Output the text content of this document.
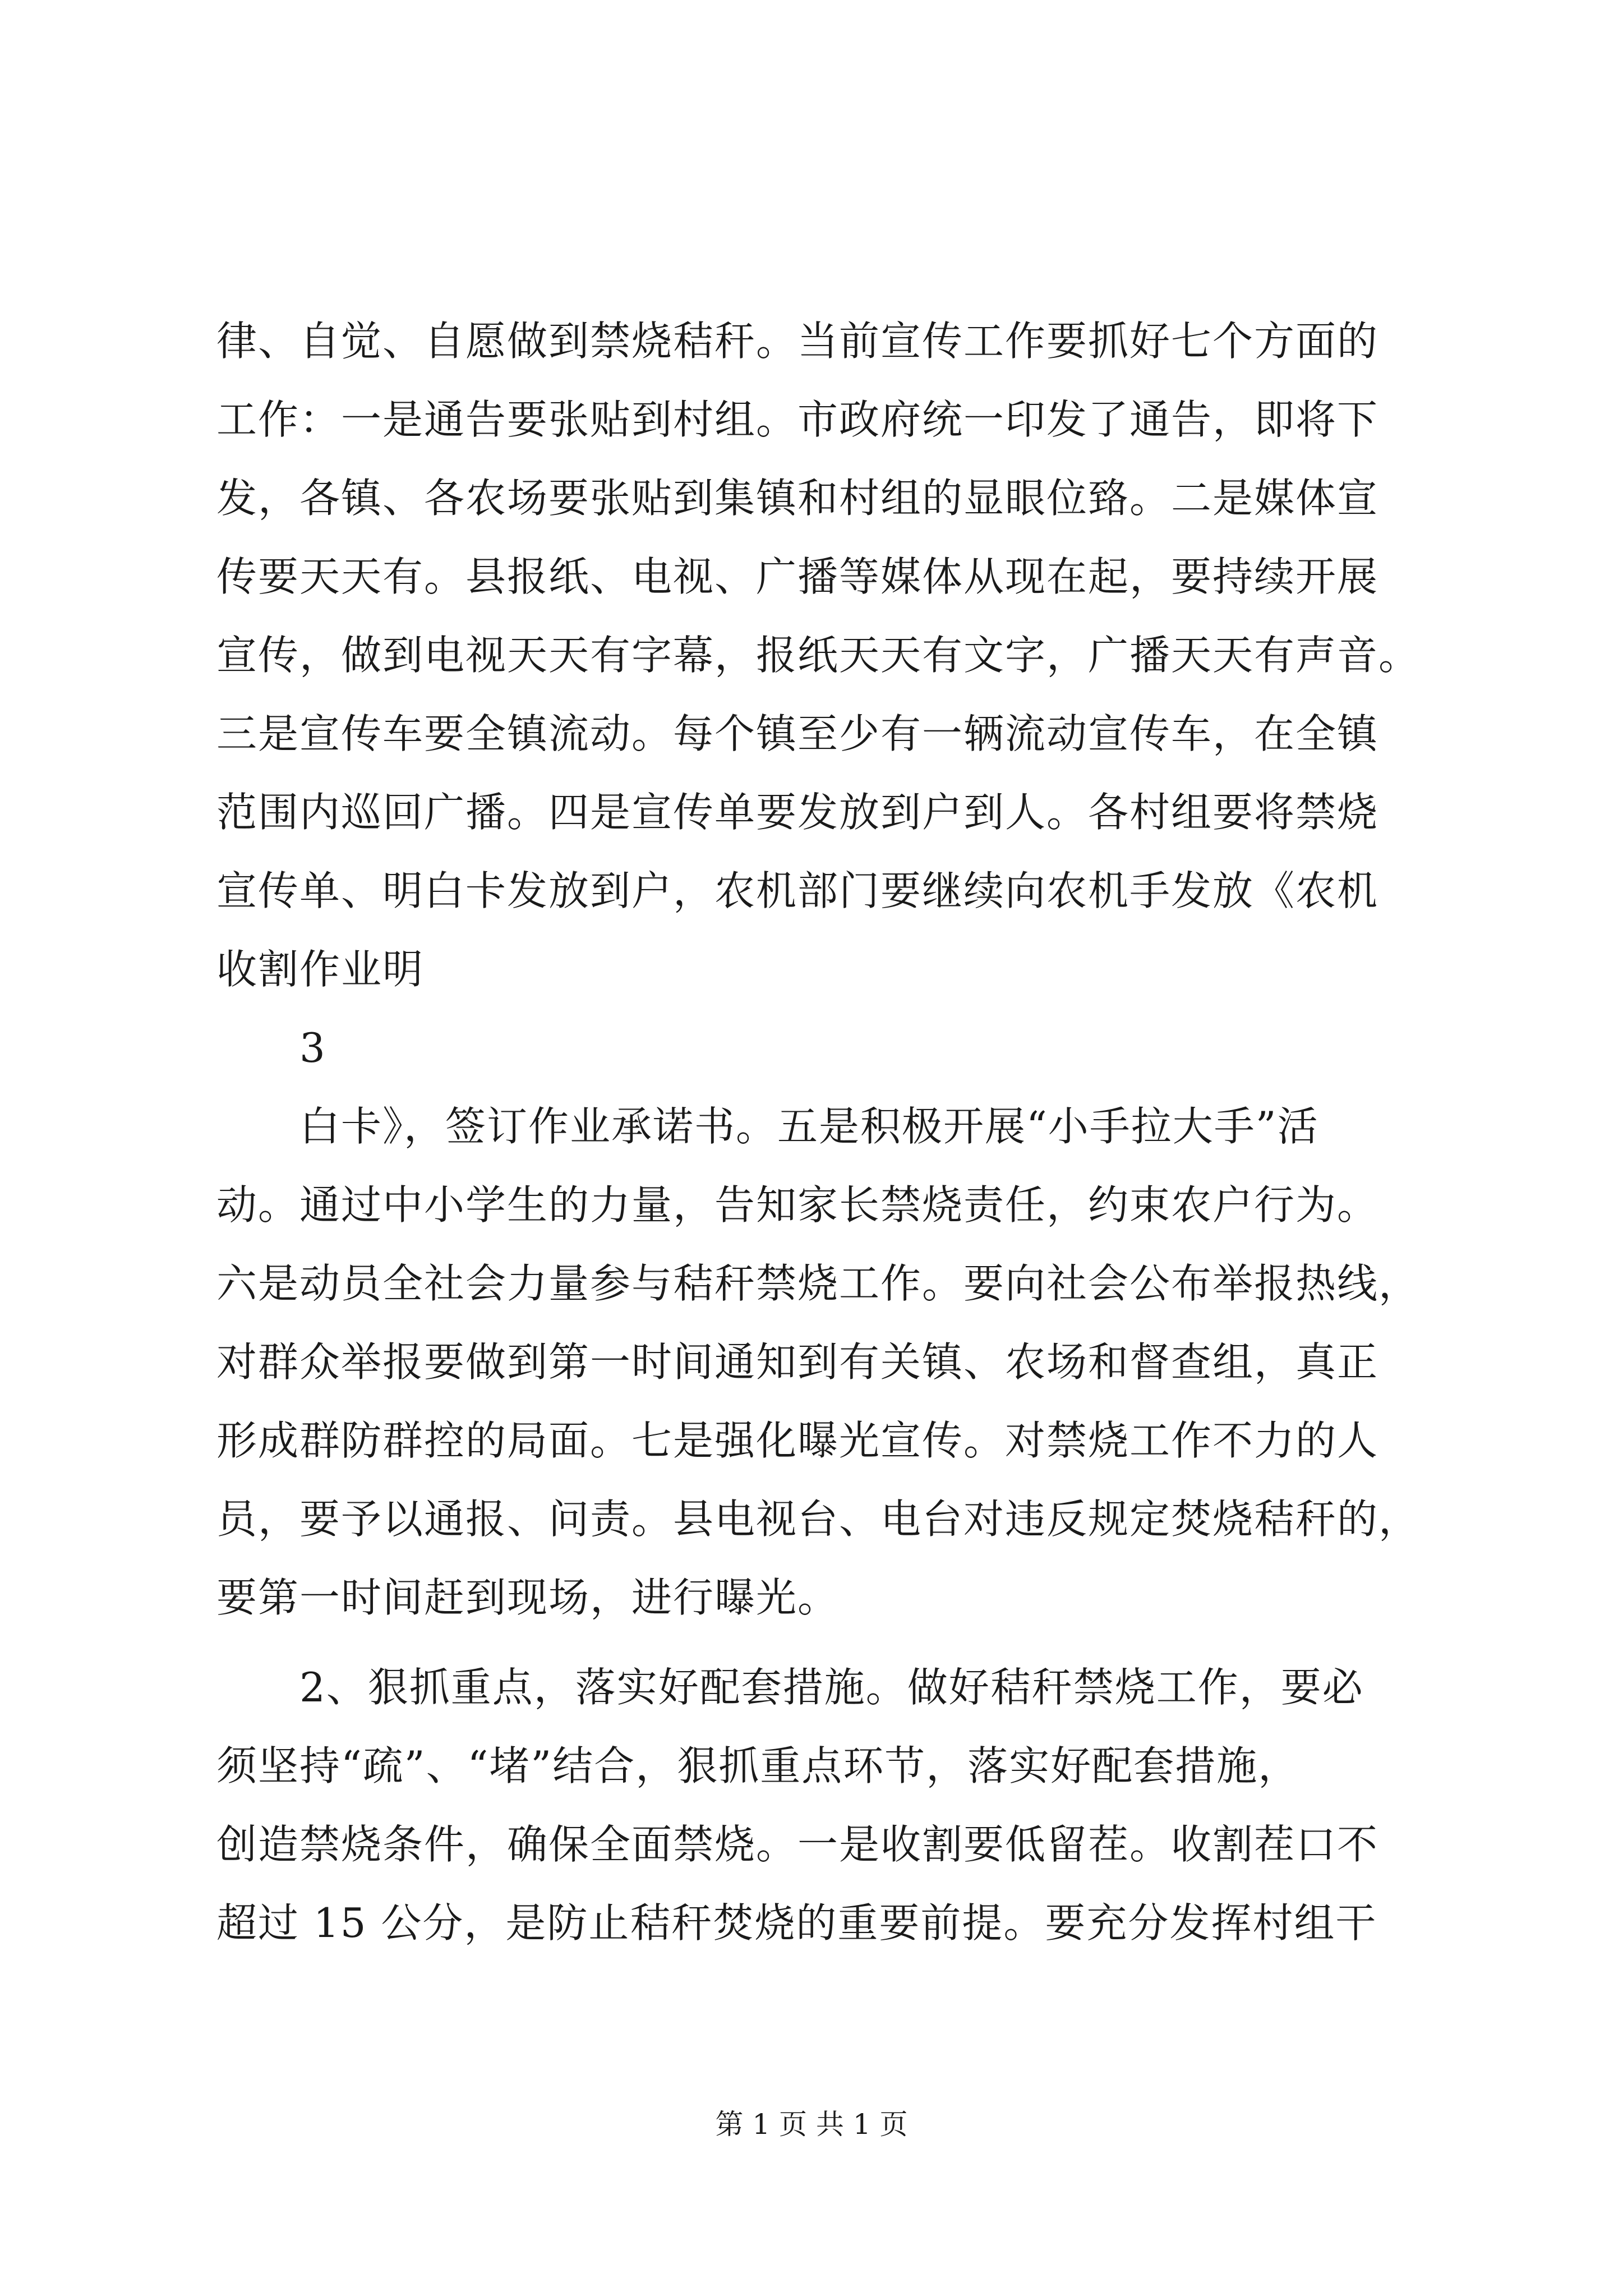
律、自觉、自愿做到禁烧秸秆。当前宣传工作要抓好七个方面的
工作：一是通告要张贴到村组。市政府统一印发了通告，即将下
发，各镇、各农场要张贴到集镇和村组的显眼位臵。二是媒体宣
传要天天有。县报纸、电视、广播等媒体从现在起，要持续开展
宣传，做到电视天天有字幕，报纸天天有文字，广播天天有声音。
三是宣传车要全镇流动。每个镇至少有一辆流动宣传车，在全镇
范围内巡回广播。四是宣传单要发放到户到人。各村组要将禁烧
宣传单、明白卡发放到户，农机部门要继续向农机手发放《农机
收割作业明
3
白卡》，签订作业承诺书。五是积极开展“小手拉大手”活
动。通过中小学生的力量，告知家长禁烧责任，约束农户行为。
六是动员全社会力量参与秸秆禁烧工作。要向社会公布举报热线，
对群众举报要做到第一时间通知到有关镇、农场和督查组，真正
形成群防群控的局面。七是强化曝光宣传。对禁烧工作不力的人
员，要予以通报、问责。县电视台、电台对违反规定焚烧秸秆的，
要第一时间赶到现场，进行曝光。
2、狠抓重点，落实好配套措施。做好秸秆禁烧工作，要必
须坚持“疏”、“堵”结合，狠抓重点环节，落实好配套措施，
创造禁烧条件，确保全面禁烧。一是收割要低留茬。收割茬口不
超过 15 公分，是防止秸秆焚烧的重要前提。要充分发挥村组干
第 1 页 共 1 页
